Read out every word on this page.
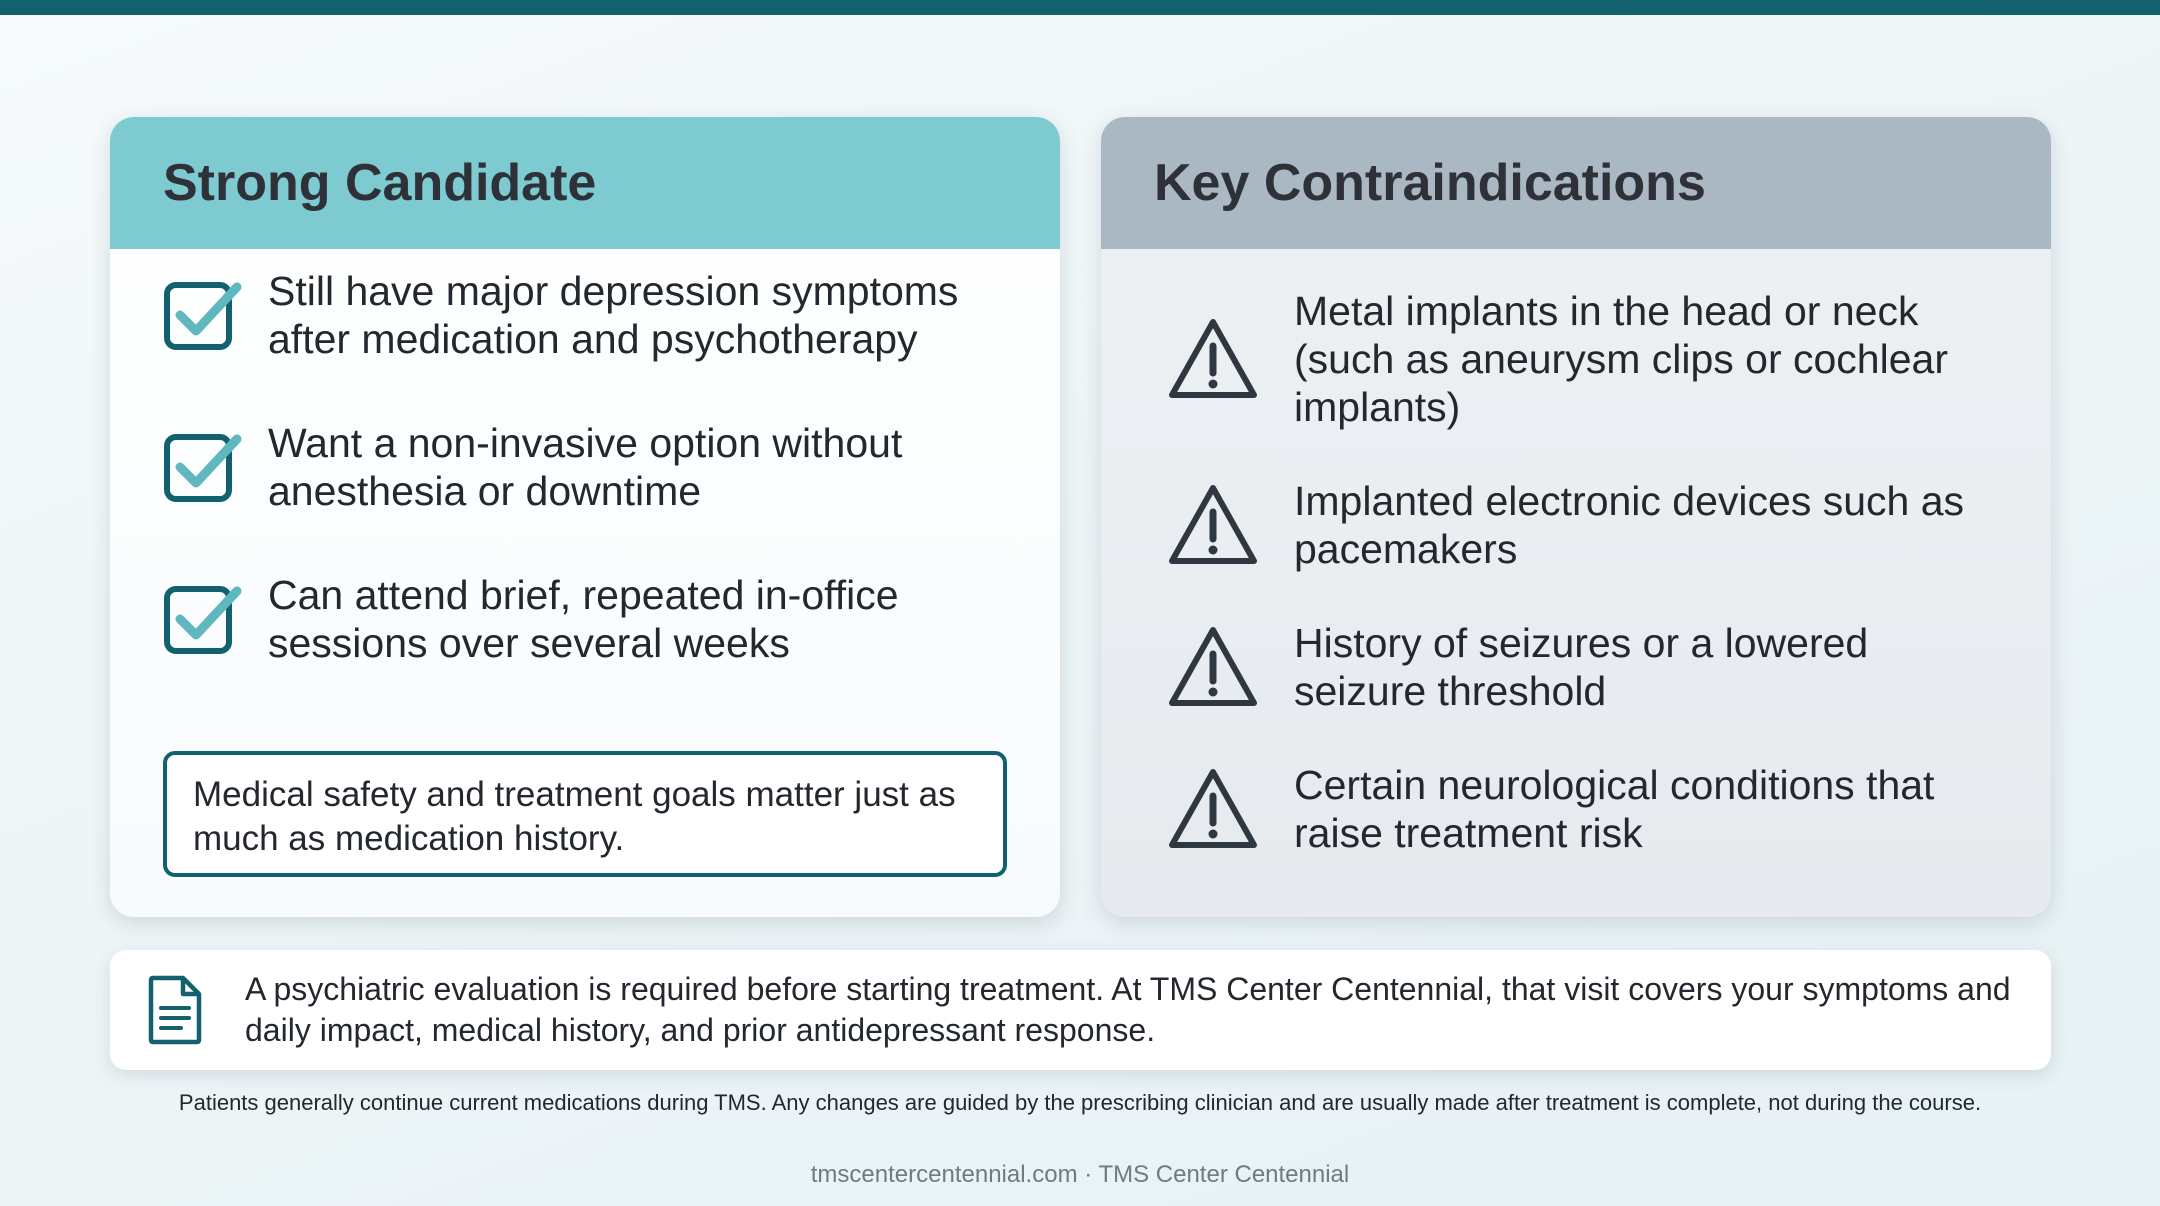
Strong Candidate
Still have major depression symptoms after medication and psychotherapy
Want a non-invasive option without anesthesia or downtime
Can attend brief, repeated in-office sessions over several weeks
Medical safety and treatment goals matter just as much as medication history.
Key Contraindications
Metal implants in the head or neck (such as aneurysm clips or cochlear implants)
Implanted electronic devices such as pacemakers
History of seizures or a lowered seizure threshold
Certain neurological conditions that raise treatment risk
A psychiatric evaluation is required before starting treatment. At TMS Center Centennial, that visit covers your symptoms and daily impact, medical history, and prior antidepressant response.
Patients generally continue current medications during TMS. Any changes are guided by the prescribing clinician and are usually made after treatment is complete, not during the course.
tmscentercentennial.com · TMS Center Centennial
